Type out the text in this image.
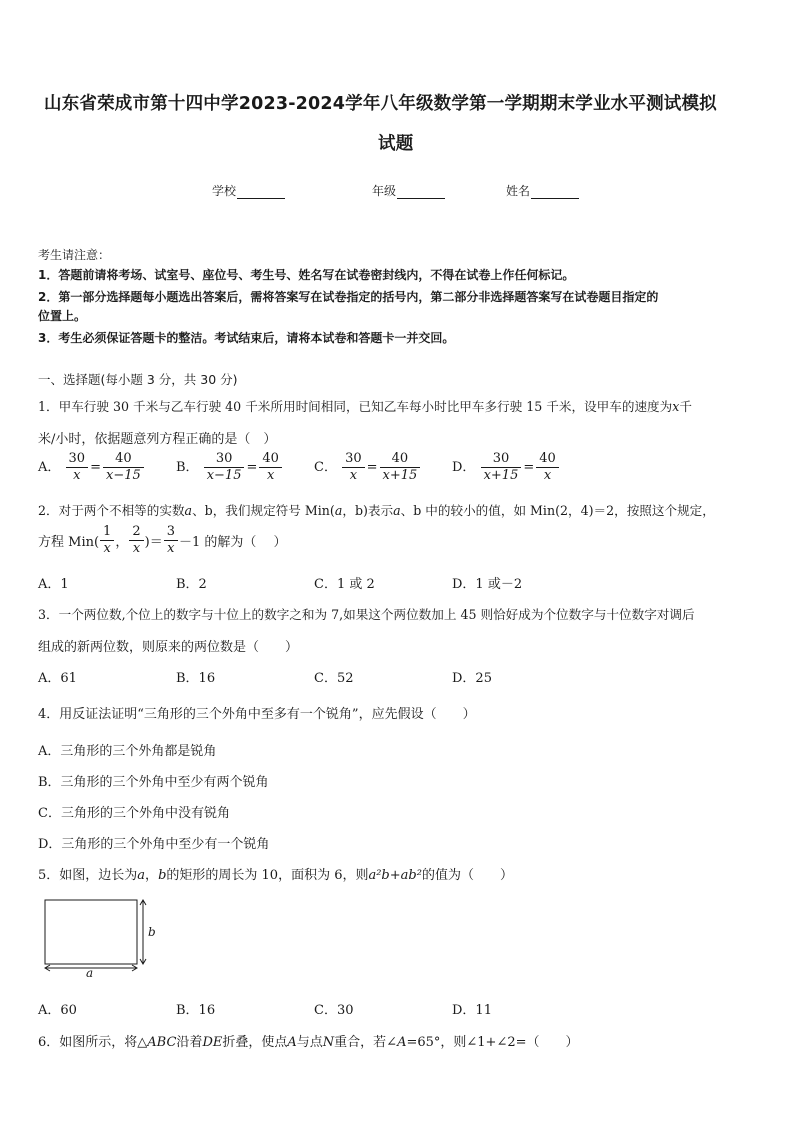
山东省荣成市第十四中学2023-2024学年八年级数学第一学期期末学业水平测试模拟
试题
学校	年级	姓名
考生请注意：
1．答题前请将考场、试室号、座位号、考生号、姓名写在试卷密封线内，不得在试卷上作任何标记。
2．第一部分选择题每小题选出答案后，需将答案写在试卷指定的括号内，第二部分非选择题答案写在试卷题目指定的
位置上。
3．考生必须保证答题卡的整洁。考试结束后，请将本试卷和答题卡一并交回。
一、选择题(每小题 3 分，共 30 分)
1．甲车行驶 30 千米与乙车行驶 40 千米所用时间相同，已知乙车每小时比甲车多行驶 15 千米，设甲车的速度为x千
米/小时，依据题意列方程正确的是（　）
A． $\frac{30}{x} = \frac{40}{x-15}$ B． $\frac{30}{x-15} = \frac{40}{x}$ C． $\frac{30}{x} = \frac{40}{x+15}$ D． $\frac{30}{x+15} = \frac{40}{x}$
2．对于两个不相等的实数a、b，我们规定符号 Min(a，b)表示a、b 中的较小的值，如 Min(2，4)＝2，按照这个规定，
方程 $Min( \frac{1}{x}$ ， $\frac{2}{x}$ )＝ $\frac{3}{x} -1$ 的解为（　 ）
A．1	B．2	C．1 或 2	D．1 或－2
3．一个两位数,个位上的数字与十位上的数字之和为 7,如果这个两位数加上 45 则恰好成为个位数字与十位数字对调后
组成的新两位数，则原来的两位数是（　　）
A．61	B．16	C．52	D．25
4．用反证法证明“三角形的三个外角中至多有一个锐角”，应先假设（　　）
A．三角形的三个外角都是锐角
B．三角形的三个外角中至少有两个锐角
C．三角形的三个外角中没有锐角
D．三角形的三个外角中至少有一个锐角
5．如图，边长为a，b的矩形的周长为 10，面积为 6，则a²b+ab²的值为（　　）
b
a
A．60	B．16	C．30	D．11
6．如图所示，将△ABC沿着DE折叠，使点A与点N重合，若∠A=65°，则∠1+∠2=（　　）
